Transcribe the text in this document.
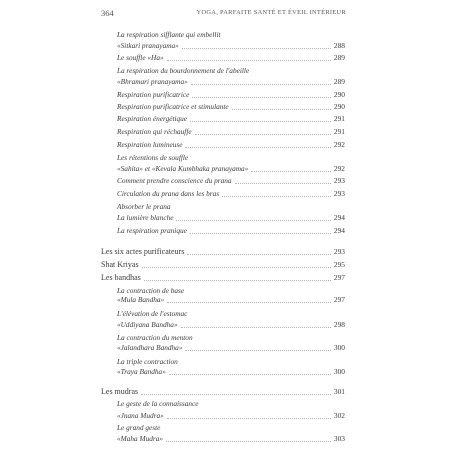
364	YOGA, PARFAITE SANTÉ ET ÉVEIL INTÉRIEUR
La respiration sifflante qui embellit
«Sitkari pranayama»	288
Le souffle «Ha»	289
La respiration du bourdonnement de l'abeille
«Bhramari pranayama»	289
Respiration purificatrice	290
Respiration purificatrice et stimulante	290
Respiration énergétique	291
Respiration qui réchauffe	291
Respiration lumineuse	292
Les rétentions de souffle
«Sahita» et «Kevala Kumbhaka pranayama»	292
Comment prendre conscience du prana	293
Circulation du prana dans les bras	293
Absorber le prana
La lumière blanche	294
La respiration pranique	294
Les six actes purificateurs	293
Shat Kriyas	295
Les bandhas	297
La contraction de base
«Mula Bandha»	297
L'élévation de l'estomac
«Uddiyana Bandha»	298
La contraction du menton
«Jalandhara Bandha»	300
La triple contraction
«Traya Bandha»	300
Les mudras	301
Le geste de la connaissance
«Jnana Mudra»	302
Le grand geste
«Maha Mudra»	303
